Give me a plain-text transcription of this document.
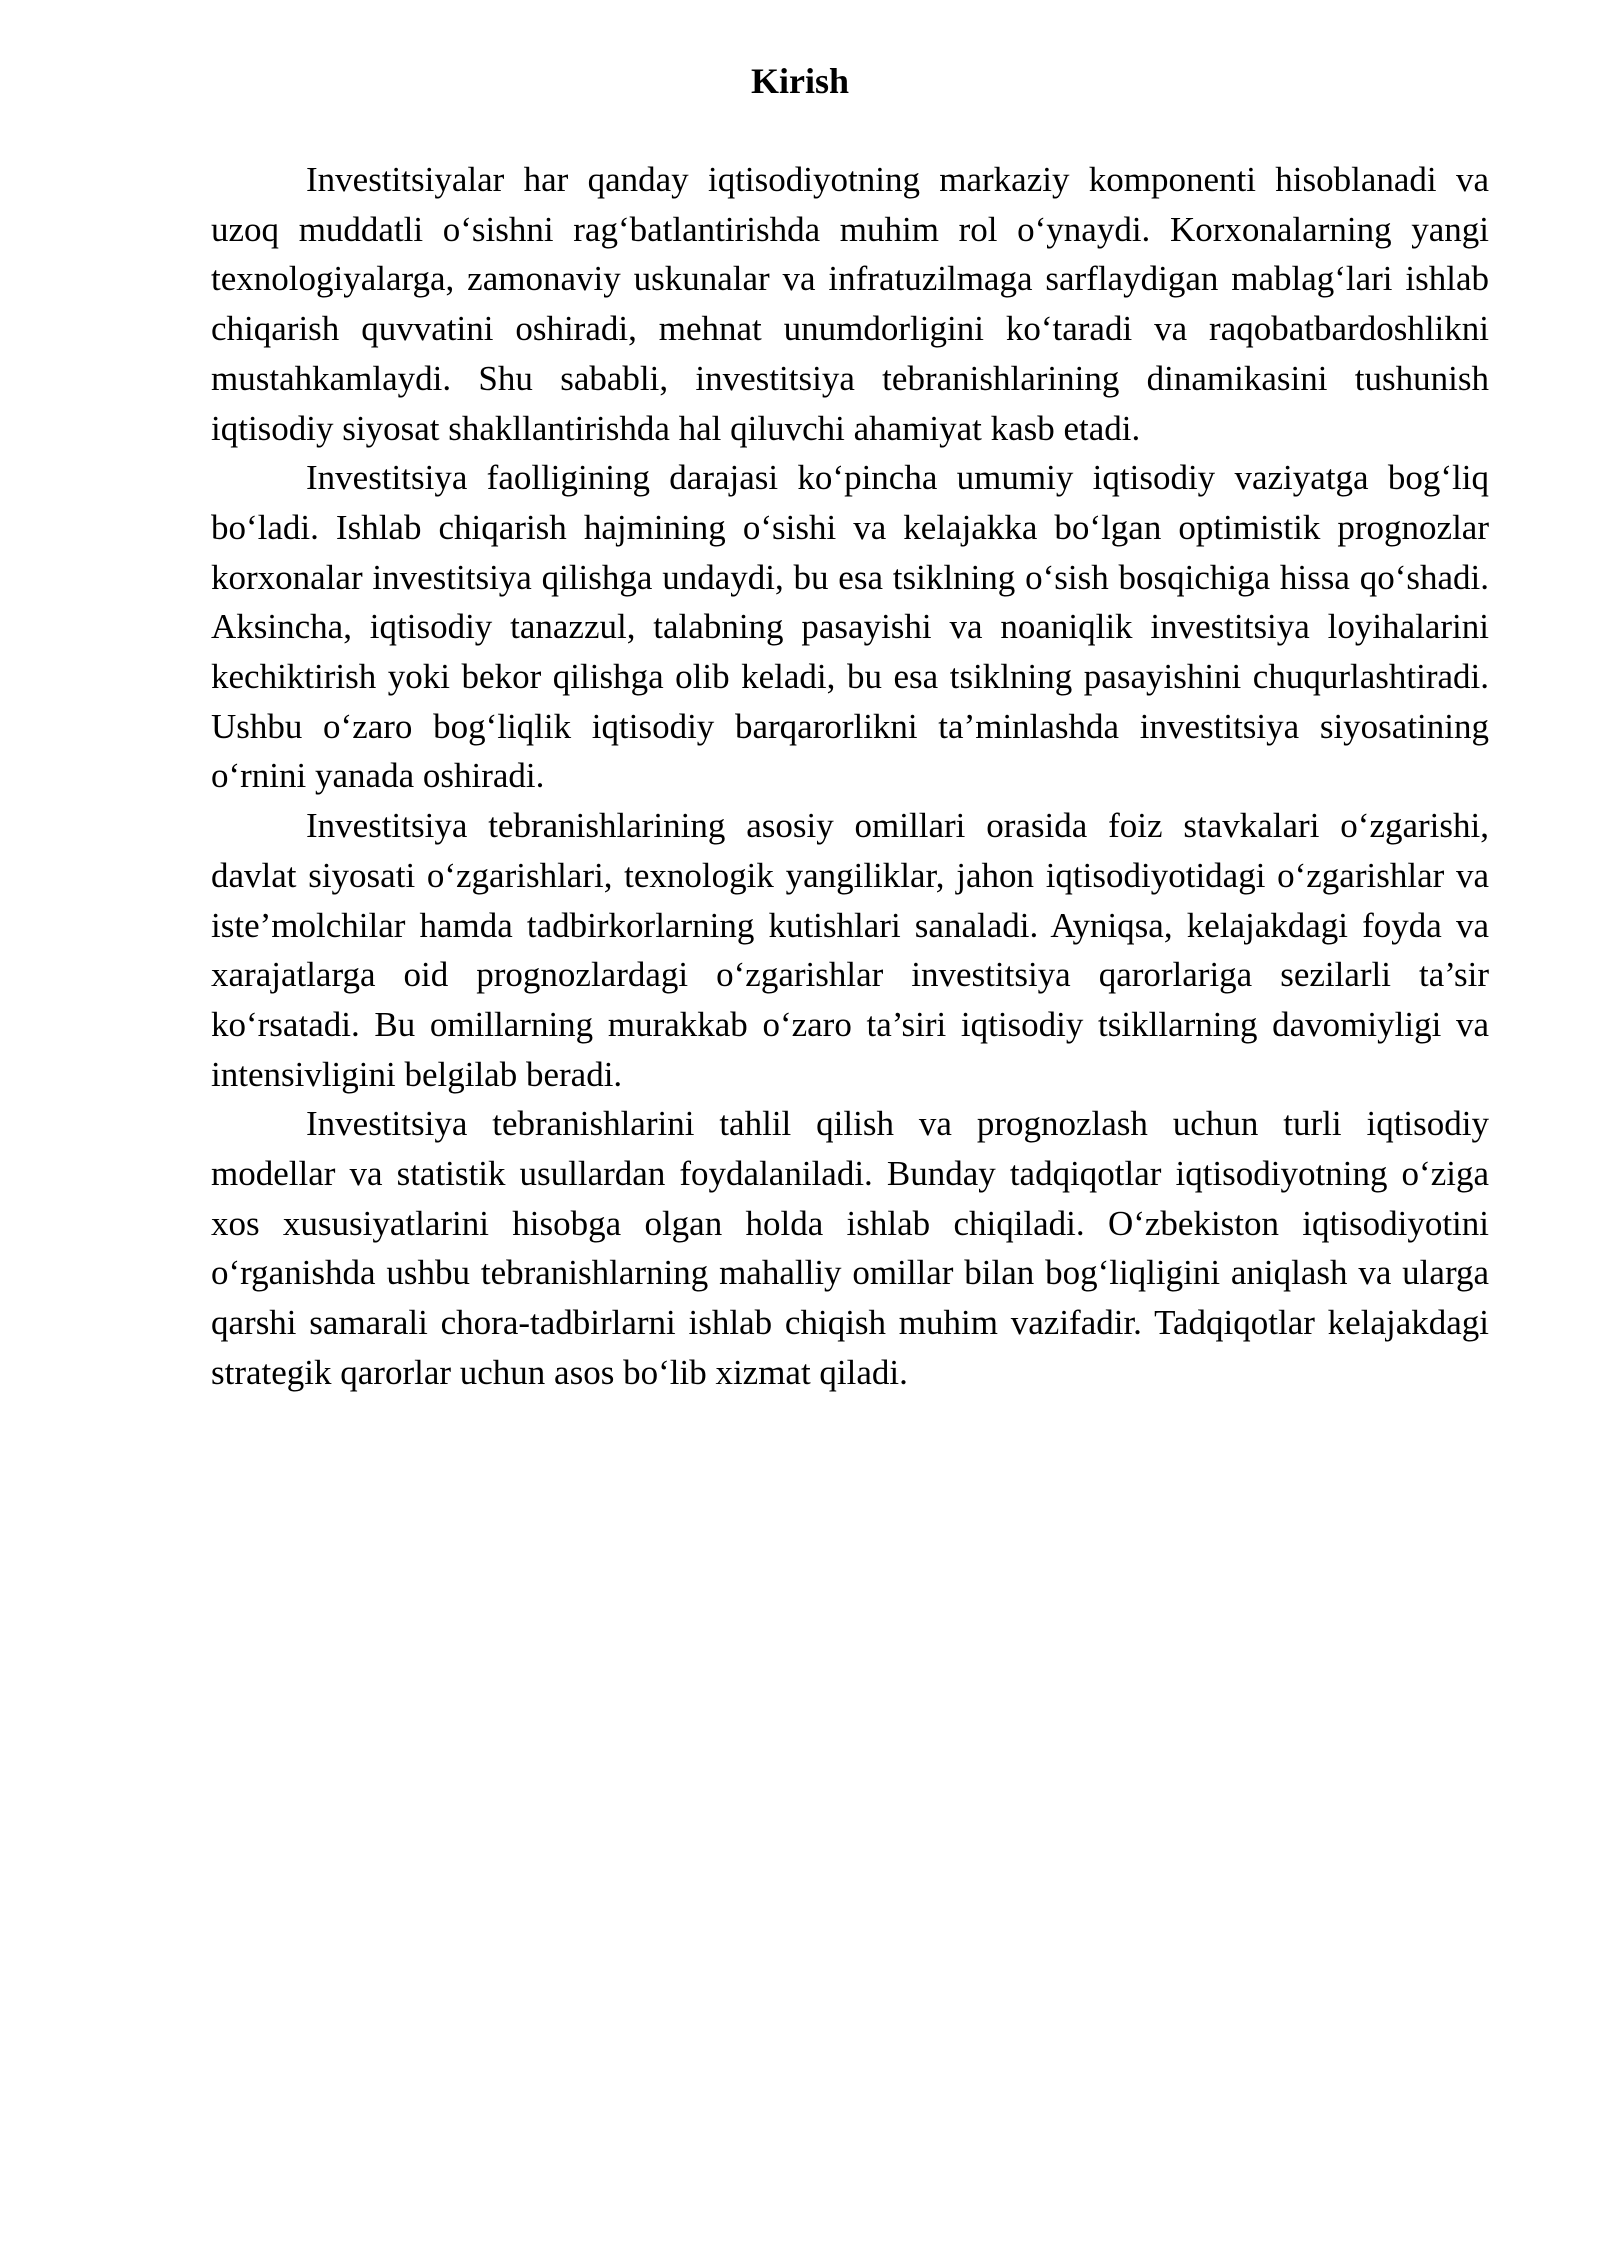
Kirish

Investitsiyalar har qanday iqtisodiyotning markaziy komponenti hisoblanadi va uzoq muddatli o‘sishni rag‘batlantirishda muhim rol o‘ynaydi. Korxonalarning yangi texnologiyalarga, zamonaviy uskunalar va infratuzilmaga sarflaydigan mablag‘lari ishlab chiqarish quvvatini oshiradi, mehnat unumdorligini ko‘taradi va raqobatbardoshlikni mustahkamlaydi. Shu sababli, investitsiya tebranishlarining dinamikasini tushunish iqtisodiy siyosat shakllantirishda hal qiluvchi ahamiyat kasb etadi.

Investitsiya faolligining darajasi ko‘pincha umumiy iqtisodiy vaziyatga bog‘liq bo‘ladi. Ishlab chiqarish hajmining o‘sishi va kelajakka bo‘lgan optimistik prognozlar korxonalar investitsiya qilishga undaydi, bu esa tsiklning o‘sish bosqichiga hissa qo‘shadi. Aksincha, iqtisodiy tanazzul, talabning pasayishi va noaniqlik investitsiya loyihalarini kechiktirish yoki bekor qilishga olib keladi, bu esa tsiklning pasayishini chuqurlashtiradi. Ushbu o‘zaro bog‘liqlik iqtisodiy barqarorlikni ta’minlashda investitsiya siyosatining o‘rnini yanada oshiradi.

Investitsiya tebranishlarining asosiy omillari orasida foiz stavkalari o‘zgarishi, davlat siyosati o‘zgarishlari, texnologik yangiliklar, jahon iqtisodiyotidagi o‘zgarishlar va iste’molchilar hamda tadbirkorlarning kutishlari sanaladi. Ayniqsa, kelajakdagi foyda va xarajatlarga oid prognozlardagi o‘zgarishlar investitsiya qarorlariga sezilarli ta’sir ko‘rsatadi. Bu omillarning murakkab o‘zaro ta’siri iqtisodiy tsikllarning davomiyligi va intensivligini belgilab beradi.

Investitsiya tebranishlarini tahlil qilish va prognozlash uchun turli iqtisodiy modellar va statistik usullardan foydalaniladi. Bunday tadqiqotlar iqtisodiyotning o‘ziga xos xususiyatlarini hisobga olgan holda ishlab chiqiladi. O‘zbekiston iqtisodiyotini o‘rganishda ushbu tebranishlarning mahalliy omillar bilan bog‘liqligini aniqlash va ularga qarshi samarali chora-tadbirlarni ishlab chiqish muhim vazifadir. Tadqiqotlar kelajakdagi strategik qarorlar uchun asos bo‘lib xizmat qiladi.
